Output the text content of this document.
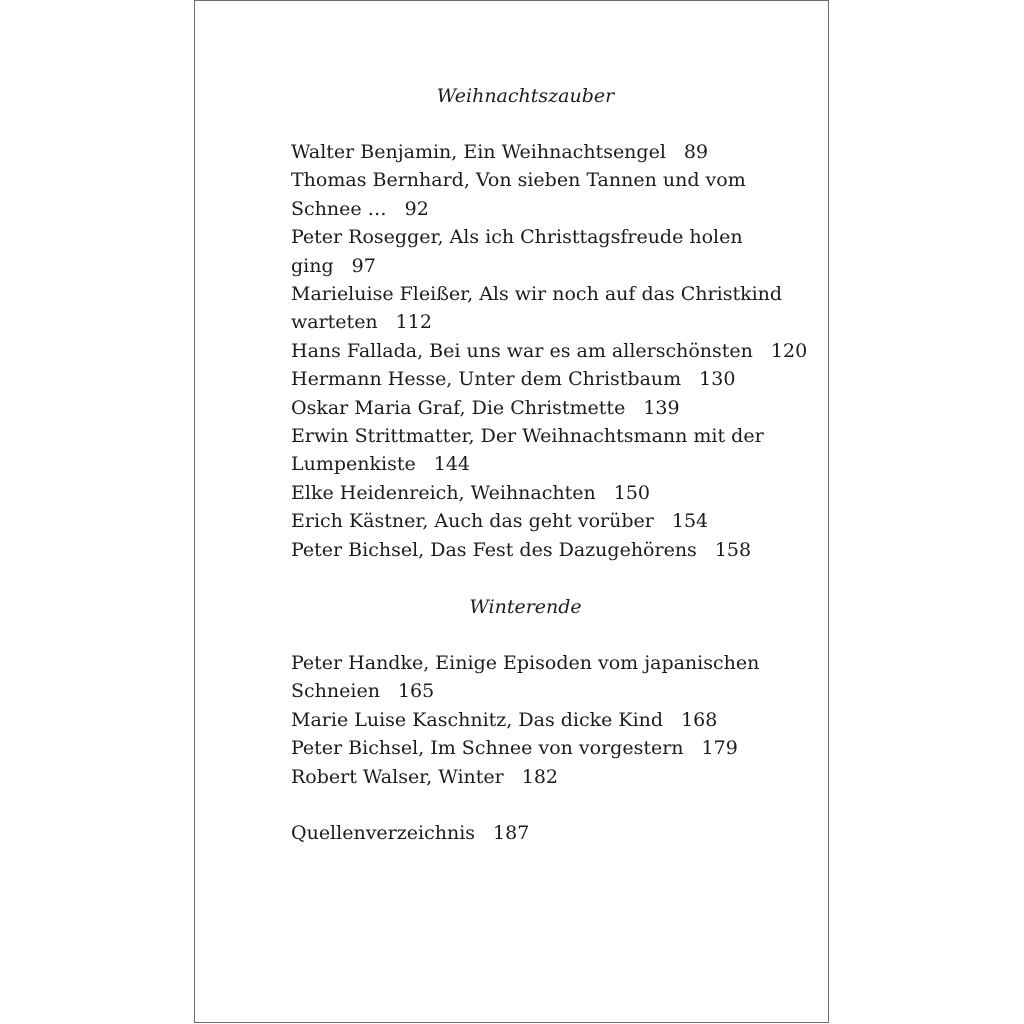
Weihnachtszauber
Walter Benjamin, Ein Weihnachtsengel 89
Thomas Bernhard, Von sieben Tannen und vom
Schnee … 92
Peter Rosegger, Als ich Christtagsfreude holen
ging 97
Marieluise Fleißer, Als wir noch auf das Christkind
warteten 112
Hans Fallada, Bei uns war es am allerschönsten 120
Hermann Hesse, Unter dem Christbaum 130
Oskar Maria Graf, Die Christmette 139
Erwin Strittmatter, Der Weihnachtsmann mit der
Lumpenkiste 144
Elke Heidenreich, Weihnachten 150
Erich Kästner, Auch das geht vorüber 154
Peter Bichsel, Das Fest des Dazugehörens 158
Winterende
Peter Handke, Einige Episoden vom japanischen
Schneien 165
Marie Luise Kaschnitz, Das dicke Kind 168
Peter Bichsel, Im Schnee von vorgestern 179
Robert Walser, Winter 182
Quellenverzeichnis 187
